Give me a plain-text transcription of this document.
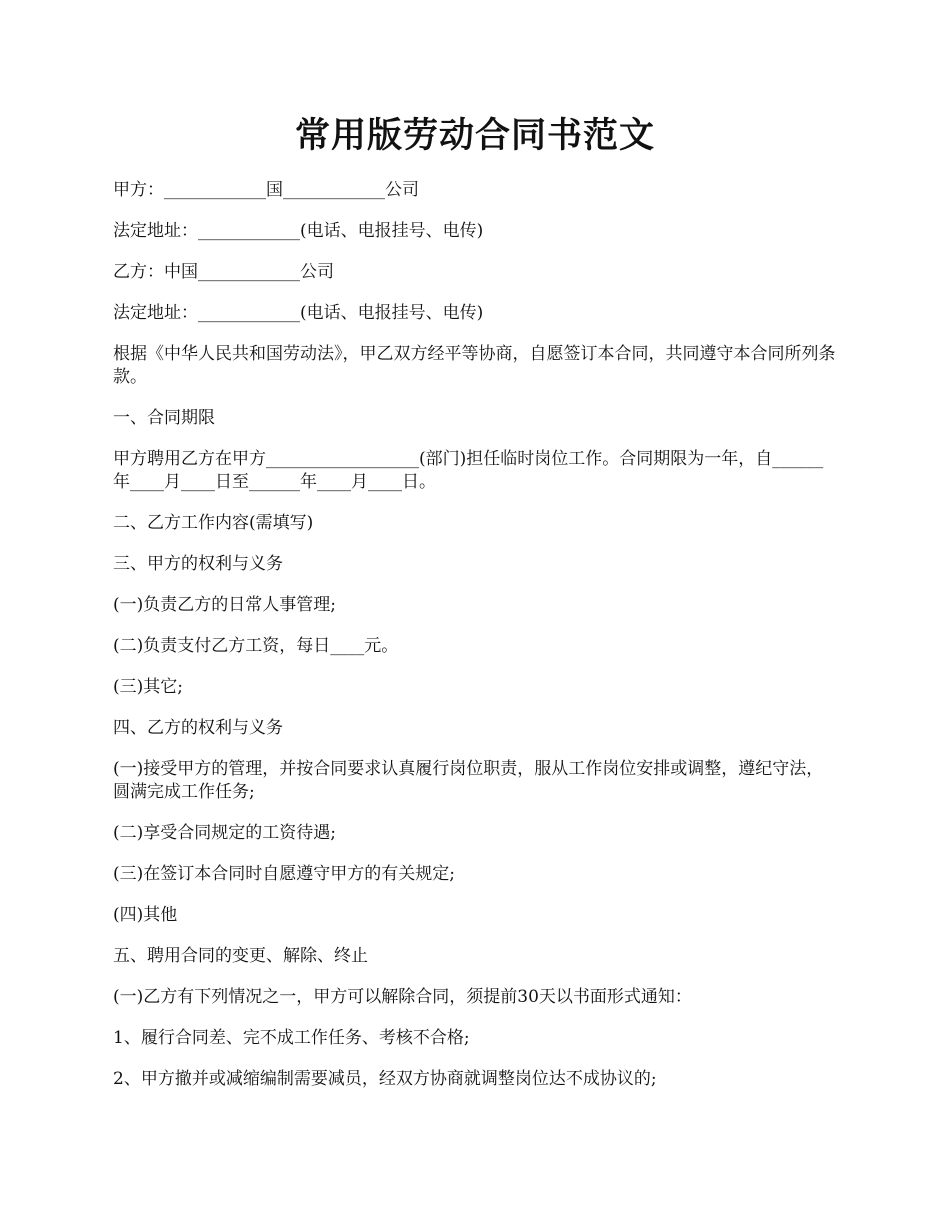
常用版劳动合同书范文

甲方：____________国____________公司

法定地址：____________(电话、电报挂号、电传)

乙方：中国____________公司

法定地址：____________(电话、电报挂号、电传)

根据《中华人民共和国劳动法》，甲乙双方经平等协商，自愿签订本合同，共同遵守本合同所列条款。

一、合同期限

甲方聘用乙方在甲方__________________(部门)担任临时岗位工作。合同期限为一年，自______年____月____日至______年____月____日。

二、乙方工作内容(需填写)

三、甲方的权利与义务

(一)负责乙方的日常人事管理;

(二)负责支付乙方工资，每日____元。

(三)其它;

四、乙方的权利与义务

(一)接受甲方的管理，并按合同要求认真履行岗位职责，服从工作岗位安排或调整，遵纪守法，圆满完成工作任务;

(二)享受合同规定的工资待遇;

(三)在签订本合同时自愿遵守甲方的有关规定;

(四)其他

五、聘用合同的变更、解除、终止

(一)乙方有下列情况之一，甲方可以解除合同，须提前30天以书面形式通知：

1、履行合同差、完不成工作任务、考核不合格;

2、甲方撤并或减缩编制需要减员，经双方协商就调整岗位达不成协议的;
